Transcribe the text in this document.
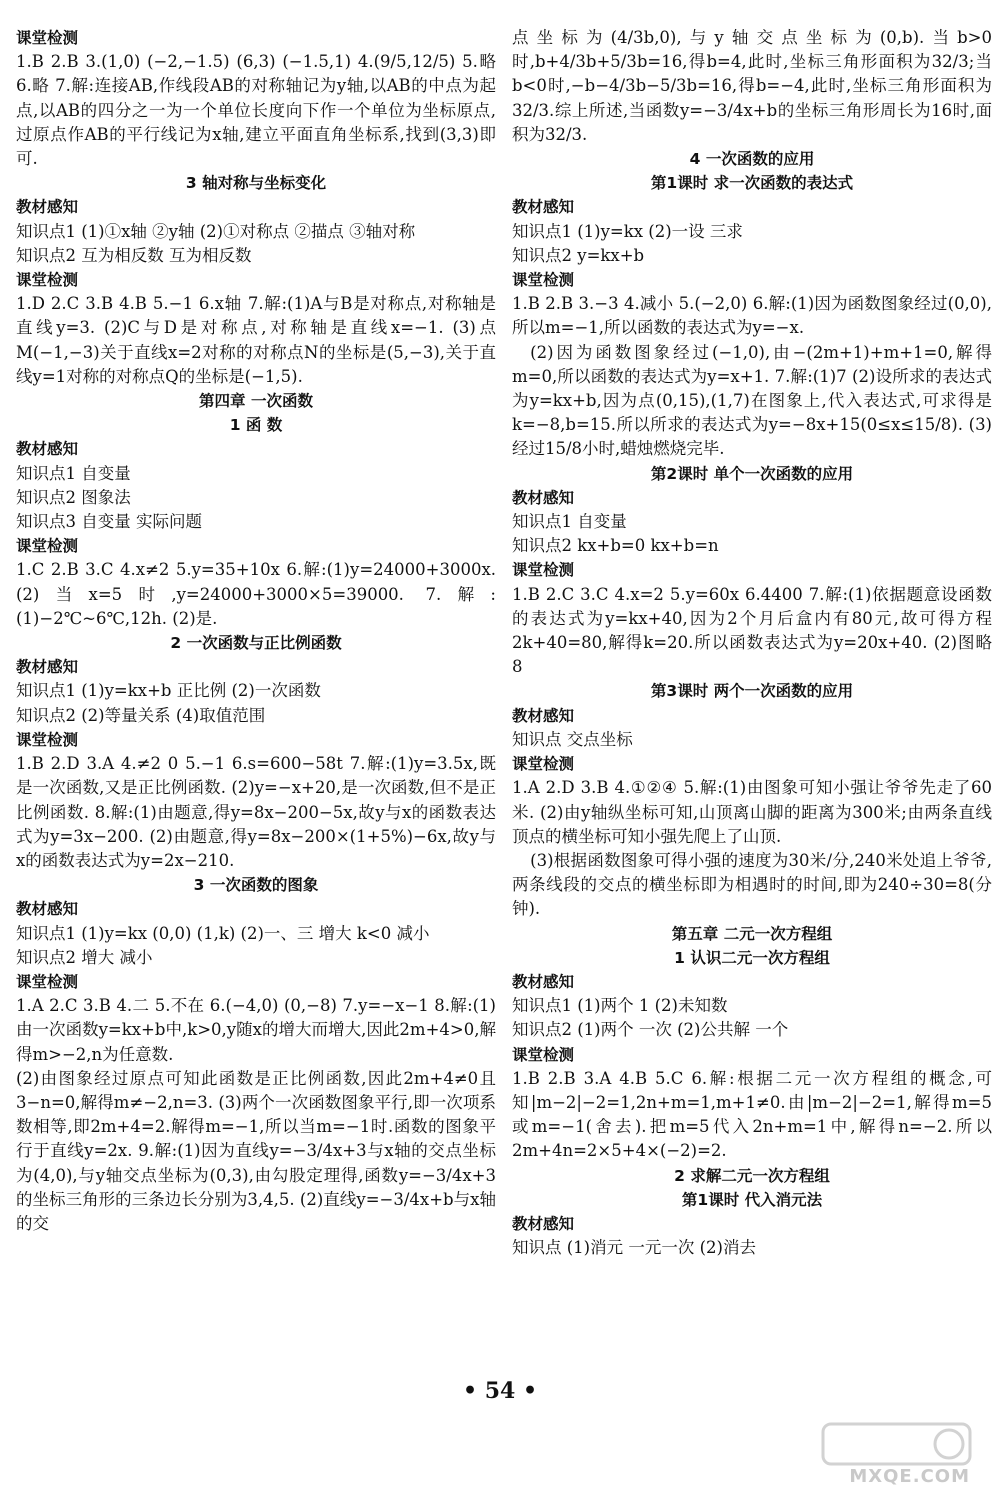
课堂检测

1.B 2.B 3.(1,0) (−2,−1.5) (6,3) (−1.5,1) 4.(9/5,12/5) 5.略 6.略 7.解:连接AB,作线段AB的对称轴记为y轴,以AB的中点为起点,以AB的四分之一为一个单位长度向下作一个单位为坐标原点,过原点作AB的平行线记为x轴,建立平面直角坐标系,找到(3,3)即可.

3 轴对称与坐标变化

教材感知

知识点1 (1)①x轴 ②y轴 (2)①对称点 ②描点 ③轴对称

知识点2 互为相反数 互为相反数

课堂检测

1.D 2.C 3.B 4.B 5.−1 6.x轴 7.解:(1)A与B是对称点,对称轴是直线y=3. (2)C与D是对称点,对称轴是直线x=−1. (3)点M(−1,−3)关于直线x=2对称的对称点N的坐标是(5,−3),关于直线y=1对称的对称点Q的坐标是(−1,5).

第四章 一次函数

1 函 数

教材感知

知识点1 自变量

知识点2 图象法

知识点3 自变量 实际问题

课堂检测

1.C 2.B 3.C 4.x≠2 5.y=35+10x 6.解:(1)y=24000+3000x. (2)当x=5时,y=24000+3000×5=39000. 7.解:(1)−2℃~6℃,12h. (2)是.

2 一次函数与正比例函数

教材感知

知识点1 (1)y=kx+b 正比例 (2)一次函数

知识点2 (2)等量关系 (4)取值范围

课堂检测

1.B 2.D 3.A 4.≠2 0 5.−1 6.s=600−58t 7.解:(1)y=3.5x,既是一次函数,又是正比例函数. (2)y=−x+20,是一次函数,但不是正比例函数. 8.解:(1)由题意,得y=8x−200−5x,故y与x的函数表达式为y=3x−200. (2)由题意,得y=8x−200×(1+5%)−6x,故y与x的函数表达式为y=2x−210.

3 一次函数的图象

教材感知

知识点1 (1)y=kx (0,0) (1,k) (2)一、三 增大 k<0 减小

知识点2 增大 减小

课堂检测

1.A 2.C 3.B 4.二 5.不在 6.(−4,0) (0,−8) 7.y=−x−1 8.解:(1)由一次函数y=kx+b中,k>0,y随x的增大而增大,因此2m+4>0,解得m>−2,n为任意数.

(2)由图象经过原点可知此函数是正比例函数,因此2m+4≠0且3−n=0,解得m≠−2,n=3. (3)两个一次函数图象平行,即一次项系数相等,即2m+4=2.解得m=−1,所以当m=−1时.函数的图象平行于直线y=2x. 9.解:(1)因为直线y=−3/4x+3与x轴的交点坐标为(4,0),与y轴交点坐标为(0,3),由勾股定理得,函数y=−3/4x+3的坐标三角形的三条边长分别为3,4,5. (2)直线y=−3/4x+b与x轴的交

点坐标为(4/3b,0),与y轴交点坐标为(0,b).当b>0时,b+4/3b+5/3b=16,得b=4,此时,坐标三角形面积为32/3;当b<0时,−b−4/3b−5/3b=16,得b=−4,此时,坐标三角形面积为32/3.综上所述,当函数y=−3/4x+b的坐标三角形周长为16时,面积为32/3.

4 一次函数的应用

第1课时 求一次函数的表达式

教材感知

知识点1 (1)y=kx (2)一设 三求

知识点2 y=kx+b

课堂检测

1.B 2.B 3.−3 4.减小 5.(−2,0) 6.解:(1)因为函数图象经过(0,0),所以m=−1,所以函数的表达式为y=−x.

(2)因为函数图象经过(−1,0),由−(2m+1)+m+1=0,解得m=0,所以函数的表达式为y=x+1. 7.解:(1)7 (2)设所求的表达式为y=kx+b,因为点(0,15),(1,7)在图象上,代入表达式,可求得是k=−8,b=15.所以所求的表达式为y=−8x+15(0≤x≤15/8). (3)经过15/8小时,蜡烛燃烧完毕.

第2课时 单个一次函数的应用

教材感知

知识点1 自变量

知识点2 kx+b=0 kx+b=n

课堂检测

1.B 2.C 3.C 4.x=2 5.y=60x 6.4400 7.解:(1)依据题意设函数的表达式为y=kx+40,因为2个月后盒内有80元,故可得方程2k+40=80,解得k=20.所以函数表达式为y=20x+40. (2)图略 8

第3课时 两个一次函数的应用

教材感知

知识点 交点坐标

课堂检测

1.A 2.D 3.B 4.①②④ 5.解:(1)由图象可知小强让爷爷先走了60米. (2)由y轴纵坐标可知,山顶离山脚的距离为300米;由两条直线顶点的横坐标可知小强先爬上了山顶.

(3)根据函数图象可得小强的速度为30米/分,240米处追上爷爷,两条线段的交点的横坐标即为相遇时的时间,即为240÷30=8(分钟).

第五章 二元一次方程组

1 认识二元一次方程组

教材感知

知识点1 (1)两个 1 (2)未知数

知识点2 (1)两个 一次 (2)公共解 一个

课堂检测

1.B 2.B 3.A 4.B 5.C 6.解:根据二元一次方程组的概念,可知|m−2|−2=1,2n+m=1,m+1≠0.由|m−2|−2=1,解得m=5或m=−1(舍去).把m=5代入2n+m=1中,解得n=−2.所以2m+4n=2×5+4×(−2)=2.

2 求解二元一次方程组

第1课时 代入消元法

教材感知

知识点 (1)消元 一元一次 (2)消去

• 54 •
MXQE.COM
